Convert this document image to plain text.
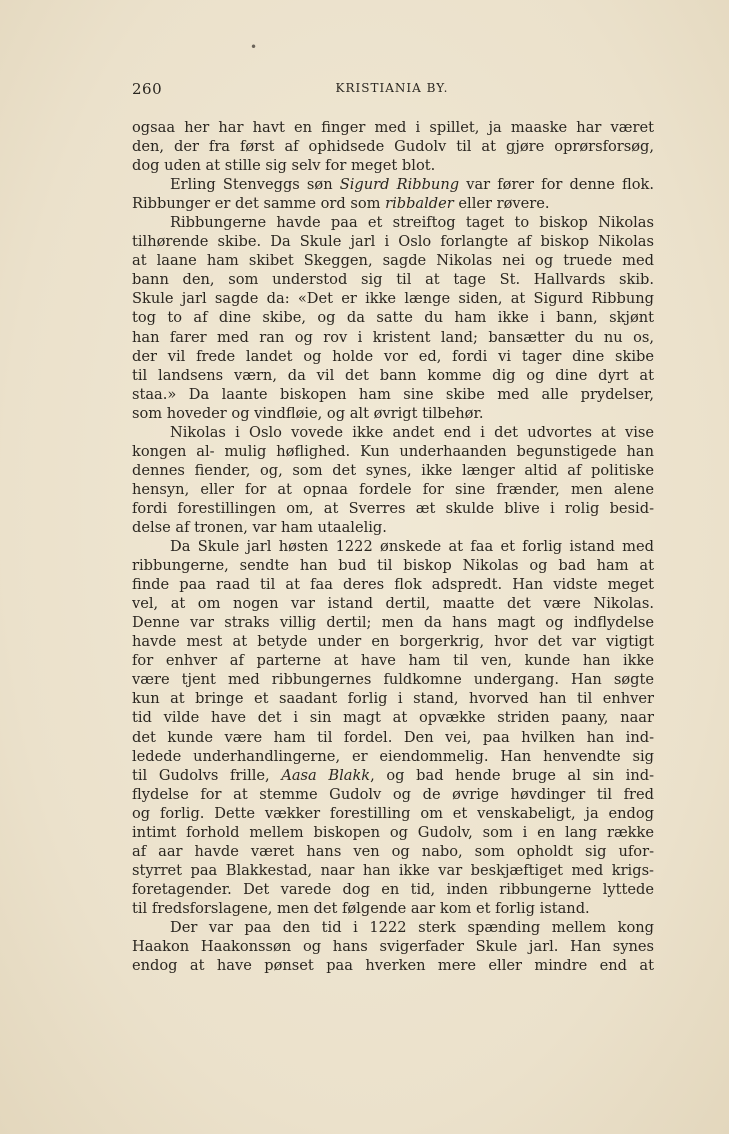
•
260	KRISTIANIA BY.
ogsaa her har havt en finger med i spillet, ja maaske har været
den, der fra først af ophidsede Gudolv til at gjøre oprørsforsøg,
dog uden at stille sig selv for meget blot.
Erling Stenveggs søn Sigurd Ribbung var fører for denne flok.
Ribbunger er det samme ord som ribbalder eller røvere.
Ribbungerne havde paa et streiftog taget to biskop Nikolas
tilhørende skibe. Da Skule jarl i Oslo forlangte af biskop Nikolas
at laane ham skibet Skeggen, sagde Nikolas nei og truede med
bann den, som understod sig til at tage St. Hallvards skib.
Skule jarl sagde da: «Det er ikke længe siden, at Sigurd Ribbung
tog to af dine skibe, og da satte du ham ikke i bann, skjønt
han farer med ran og rov i kristent land; bansætter du nu os,
der vil frede landet og holde vor ed, fordi vi tager dine skibe
til landsens værn, da vil det bann komme dig og dine dyrt at
staa.» Da laante biskopen ham sine skibe med alle prydelser,
som hoveder og vindfløie, og alt øvrigt tilbehør.
Nikolas i Oslo vovede ikke andet end i det udvortes at vise
kongen al- mulig høflighed. Kun underhaanden begunstigede han
dennes fiender, og, som det synes, ikke længer altid af politiske
hensyn, eller for at opnaa fordele for sine frænder, men alene
fordi forestillingen om, at Sverres æt skulde blive i rolig besid-
delse af tronen, var ham utaalelig.
Da Skule jarl høsten 1222 ønskede at faa et forlig istand med
ribbungerne, sendte han bud til biskop Nikolas og bad ham at
finde paa raad til at faa deres flok adspredt. Han vidste meget
vel, at om nogen var istand dertil, maatte det være Nikolas.
Denne var straks villig dertil; men da hans magt og indflydelse
havde mest at betyde under en borgerkrig, hvor det var vigtigt
for enhver af parterne at have ham til ven, kunde han ikke
være tjent med ribbungernes fuldkomne undergang. Han søgte
kun at bringe et saadant forlig i stand, hvorved han til enhver
tid vilde have det i sin magt at opvække striden paany, naar
det kunde være ham til fordel. Den vei, paa hvilken han ind-
ledede underhandlingerne, er eiendommelig. Han henvendte sig
til Gudolvs frille, Aasa Blakk, og bad hende bruge al sin ind-
flydelse for at stemme Gudolv og de øvrige høvdinger til fred
og forlig. Dette vækker forestilling om et venskabeligt, ja endog
intimt forhold mellem biskopen og Gudolv, som i en lang række
af aar havde været hans ven og nabo, som opholdt sig ufor-
styrret paa Blakkestad, naar han ikke var beskjæftiget med krigs-
foretagender. Det varede dog en tid, inden ribbungerne lyttede
til fredsforslagene, men det følgende aar kom et forlig istand.
Der var paa den tid i 1222 sterk spænding mellem kong
Haakon Haakonssøn og hans svigerfader Skule jarl. Han synes
endog at have pønset paa hverken mere eller mindre end at
